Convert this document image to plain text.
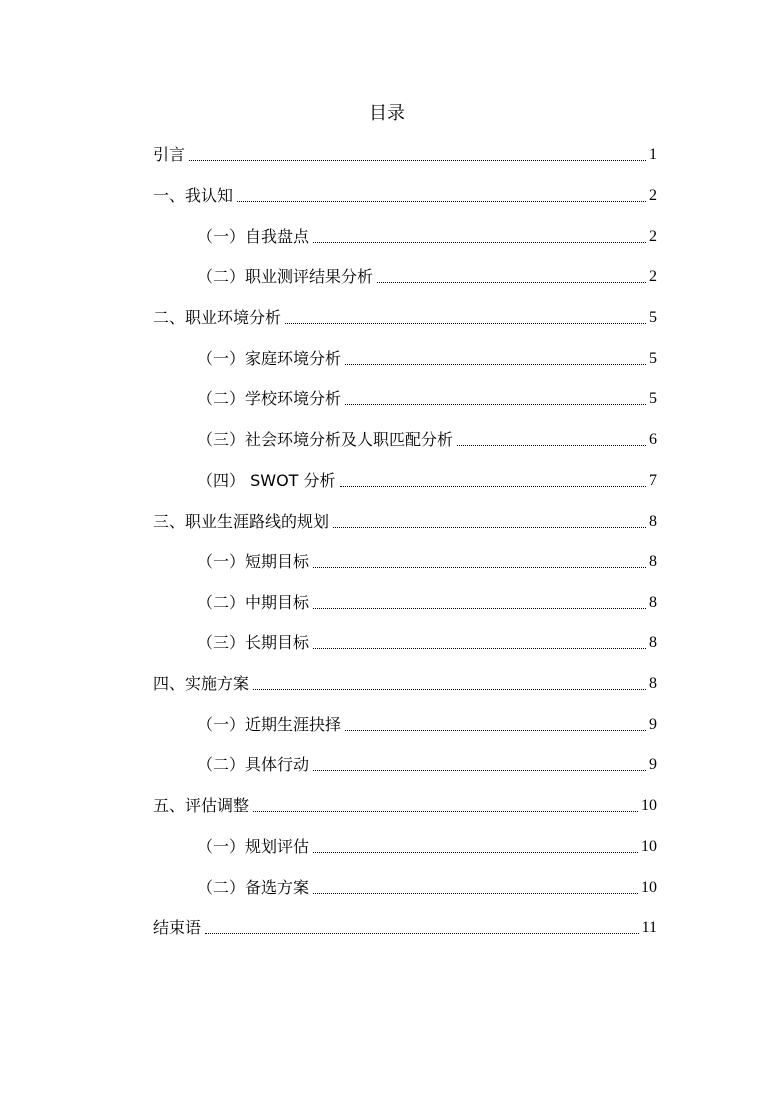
目录
引言	1
一、我认知	2
（一）自我盘点	2
（二）职业测评结果分析	2
二、职业环境分析	5
（一）家庭环境分析	5
（二）学校环境分析	5
（三）社会环境分析及人职匹配分析	6
（四） SWOT 分析	7
三、职业生涯路线的规划	8
（一）短期目标	8
（二）中期目标	8
（三）长期目标	8
四、实施方案	8
（一）近期生涯抉择	9
（二）具体行动	9
五、评估调整	10
（一）规划评估	10
（二）备选方案	10
结束语	11
